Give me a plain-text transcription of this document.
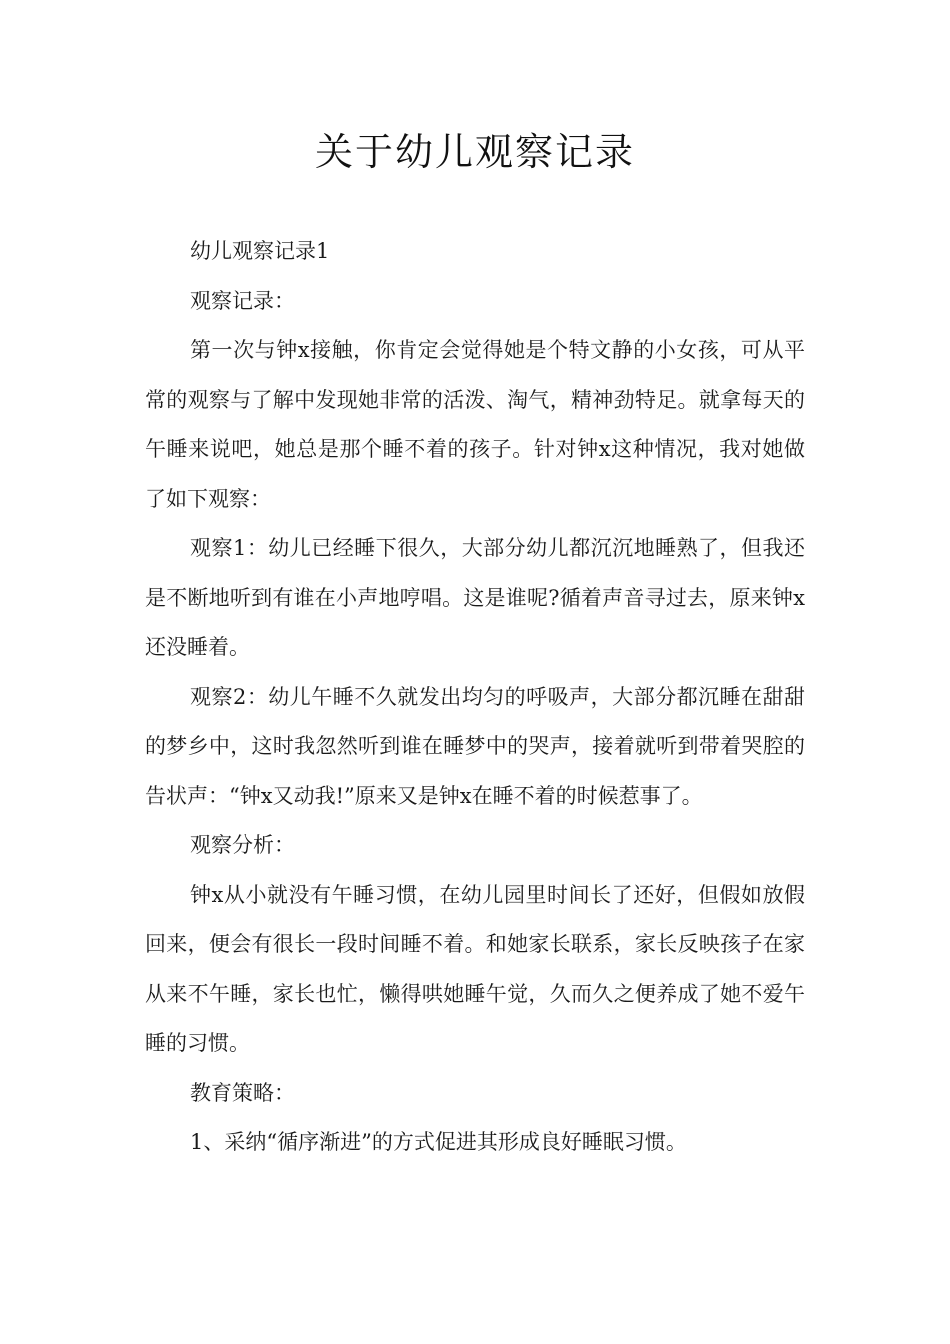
关于幼儿观察记录

幼儿观察记录1

观察记录：

第一次与钟x接触，你肯定会觉得她是个特文静的小女孩，可从平常的观察与了解中发现她非常的活泼、淘气，精神劲特足。就拿每天的午睡来说吧，她总是那个睡不着的孩子。针对钟x这种情况，我对她做了如下观察：

观察1：幼儿已经睡下很久，大部分幼儿都沉沉地睡熟了，但我还是不断地听到有谁在小声地哼唱。这是谁呢?循着声音寻过去，原来钟x还没睡着。

观察2：幼儿午睡不久就发出均匀的呼吸声，大部分都沉睡在甜甜的梦乡中，这时我忽然听到谁在睡梦中的哭声，接着就听到带着哭腔的告状声：“钟x又动我!”原来又是钟x在睡不着的时候惹事了。

观察分析：

钟x从小就没有午睡习惯，在幼儿园里时间长了还好，但假如放假回来，便会有很长一段时间睡不着。和她家长联系，家长反映孩子在家从来不午睡，家长也忙，懒得哄她睡午觉，久而久之便养成了她不爱午睡的习惯。

教育策略：

1、采纳“循序渐进”的方式促进其形成良好睡眠习惯。
